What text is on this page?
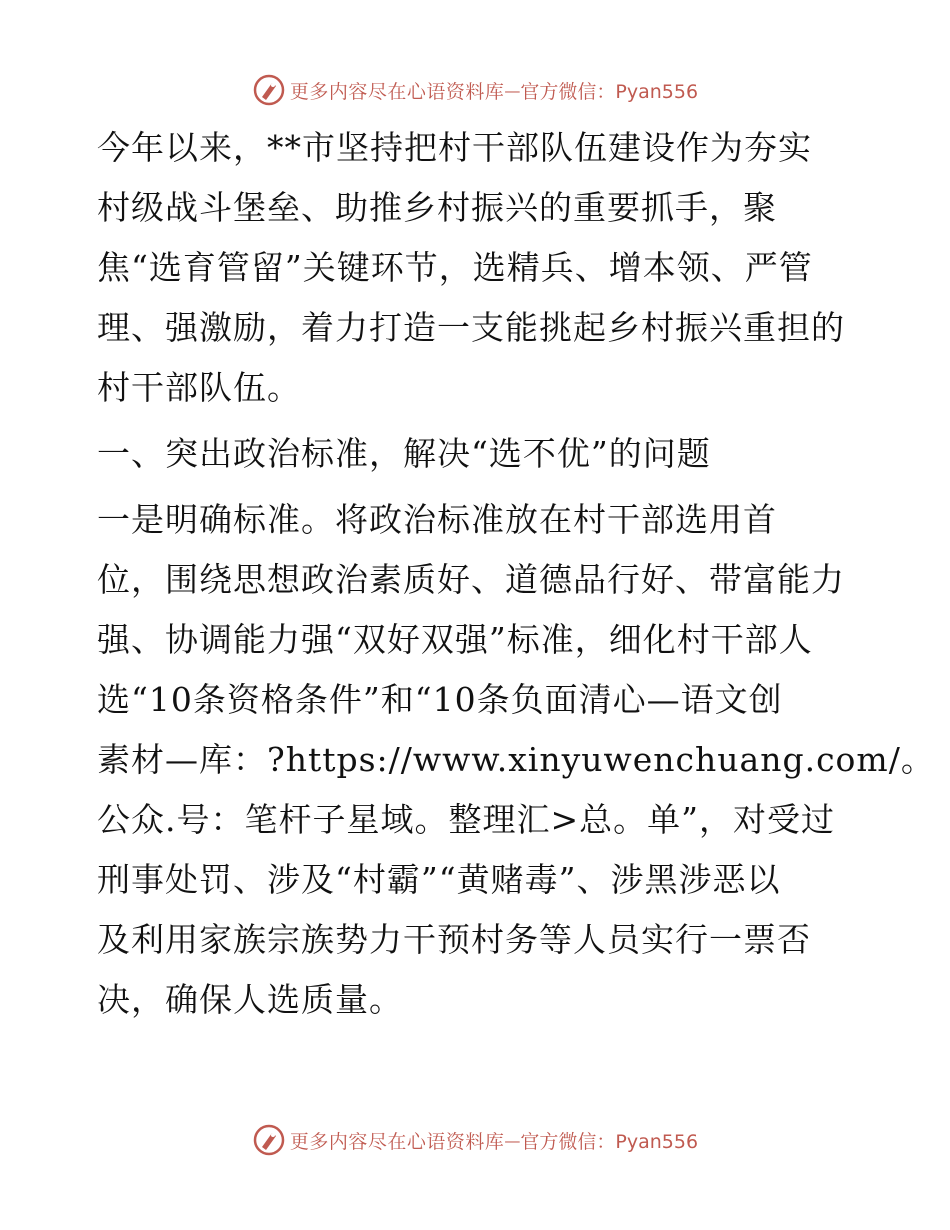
更多内容尽在心语资料库 — 官方微信：Pyan556

今年以来，**市坚持把村干部队伍建设作为夯实
村级战斗堡垒、助推乡村振兴的重要抓手，聚
焦“选育管留”关键环节，选精兵、增本领、严管
理、强激励，着力打造一支能挑起乡村振兴重担的
村干部队伍。

一、突出政治标准，解决“选不优”的问题

一是明确标准。将政治标准放在村干部选用首
位，围绕思想政治素质好、道德品行好、带富能力
强、协调能力强“双好双强”标准，细化村干部人
选“10条资格条件”和“10条负面清心—语文创
素材—库：?https://www.xinyuwenchuang.com/。
公众.号：笔杆子星域。整理汇>总。单”，对受过
刑事处罚、涉及“村霸”“黄赌毒”、涉黑涉恶以
及利用家族宗族势力干预村务等人员实行一票否
决，确保人选质量。

更多内容尽在心语资料库 — 官方微信：Pyan556
